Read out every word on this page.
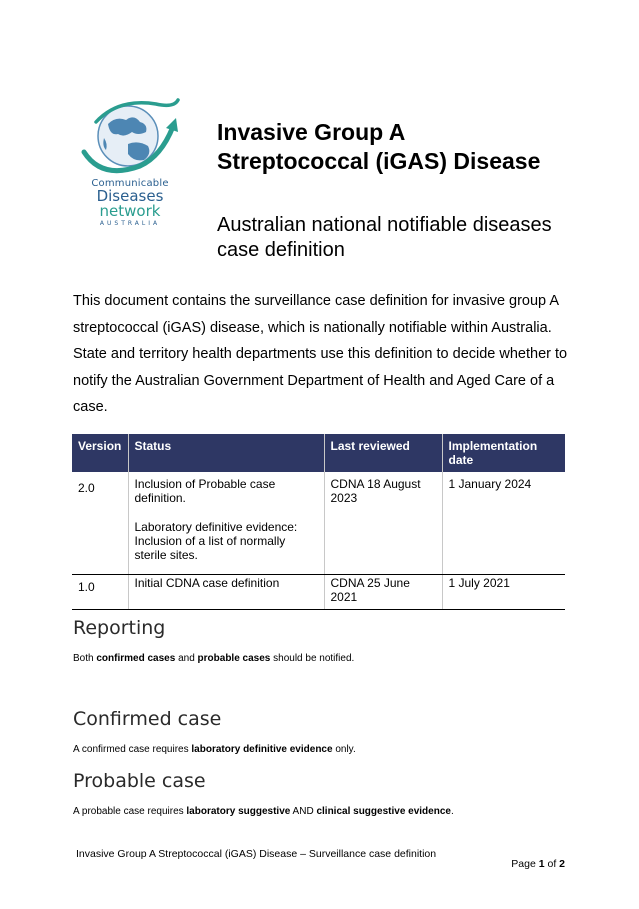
Communicable
Diseases
network
AUSTRALIA
Invasive Group A Streptococcal (iGAS) Disease

Australian national notifiable diseases case definition

This document contains the surveillance case definition for invasive group A streptococcal (iGAS) disease, which is nationally notifiable within Australia. State and territory health departments use this definition to decide whether to notify the Australian Government Department of Health and Aged Care of a case.

Version	Status	Last reviewed	Implementation date
2.0	Inclusion of Probable case definition.
Laboratory definitive evidence:
Inclusion of a list of normally sterile sites.	CDNA 18 August 2023	1 January 2024
1.0	Initial CDNA case definition	CDNA 25 June 2021	1 July 2021
Reporting

Both confirmed cases and probable cases should be notified.

Confirmed case

A confirmed case requires laboratory definitive evidence only.

Probable case

A probable case requires laboratory suggestive AND clinical suggestive evidence.

Invasive Group A Streptococcal (iGAS) Disease – Surveillance case definition

Page 1 of 2
